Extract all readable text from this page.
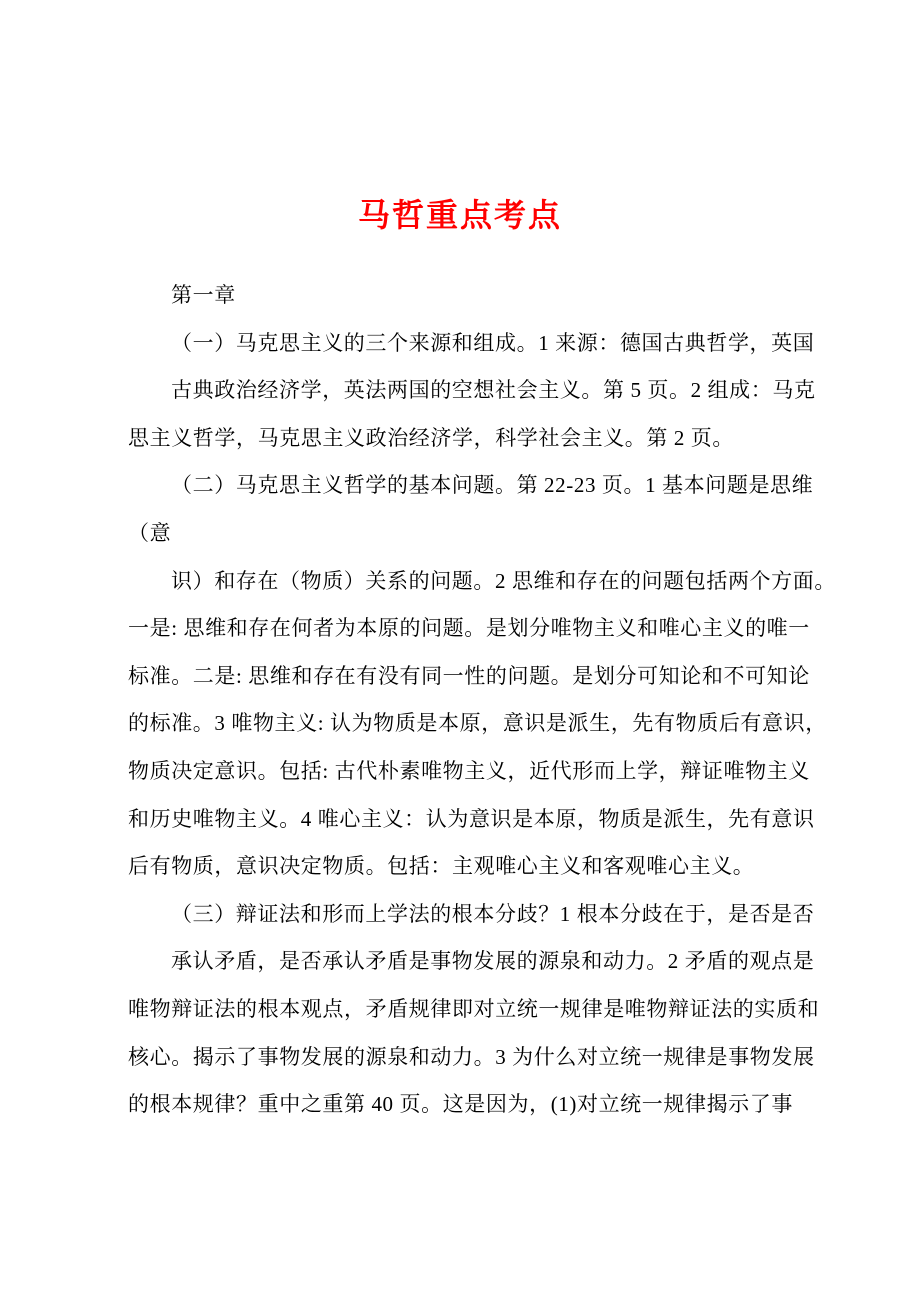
马哲重点考点
第一章
（一）马克思主义的三个来源和组成。1 来源：德国古典哲学，英国
古典政治经济学，英法两国的空想社会主义。第 5 页。2 组成：马克
思主义哲学，马克思主义政治经济学，科学社会主义。第 2 页。
（二）马克思主义哲学的基本问题。第 22-23 页。1 基本问题是思维
（意
识）和存在（物质）关系的问题。2 思维和存在的问题包括两个方面。
一是: 思维和存在何者为本原的问题。是划分唯物主义和唯心主义的唯一
标准。二是: 思维和存在有没有同一性的问题。是划分可知论和不可知论
的标准。3 唯物主义: 认为物质是本原，意识是派生，先有物质后有意识，
物质决定意识。包括: 古代朴素唯物主义，近代形而上学，辩证唯物主义
和历史唯物主义。4 唯心主义：认为意识是本原，物质是派生，先有意识
后有物质，意识决定物质。包括：主观唯心主义和客观唯心主义。
（三）辩证法和形而上学法的根本分歧？1 根本分歧在于，是否是否
承认矛盾，是否承认矛盾是事物发展的源泉和动力。2 矛盾的观点是
唯物辩证法的根本观点，矛盾规律即对立统一规律是唯物辩证法的实质和
核心。揭示了事物发展的源泉和动力。3 为什么对立统一规律是事物发展
的根本规律？重中之重第 40 页。这是因为，(1)对立统一规律揭示了事
